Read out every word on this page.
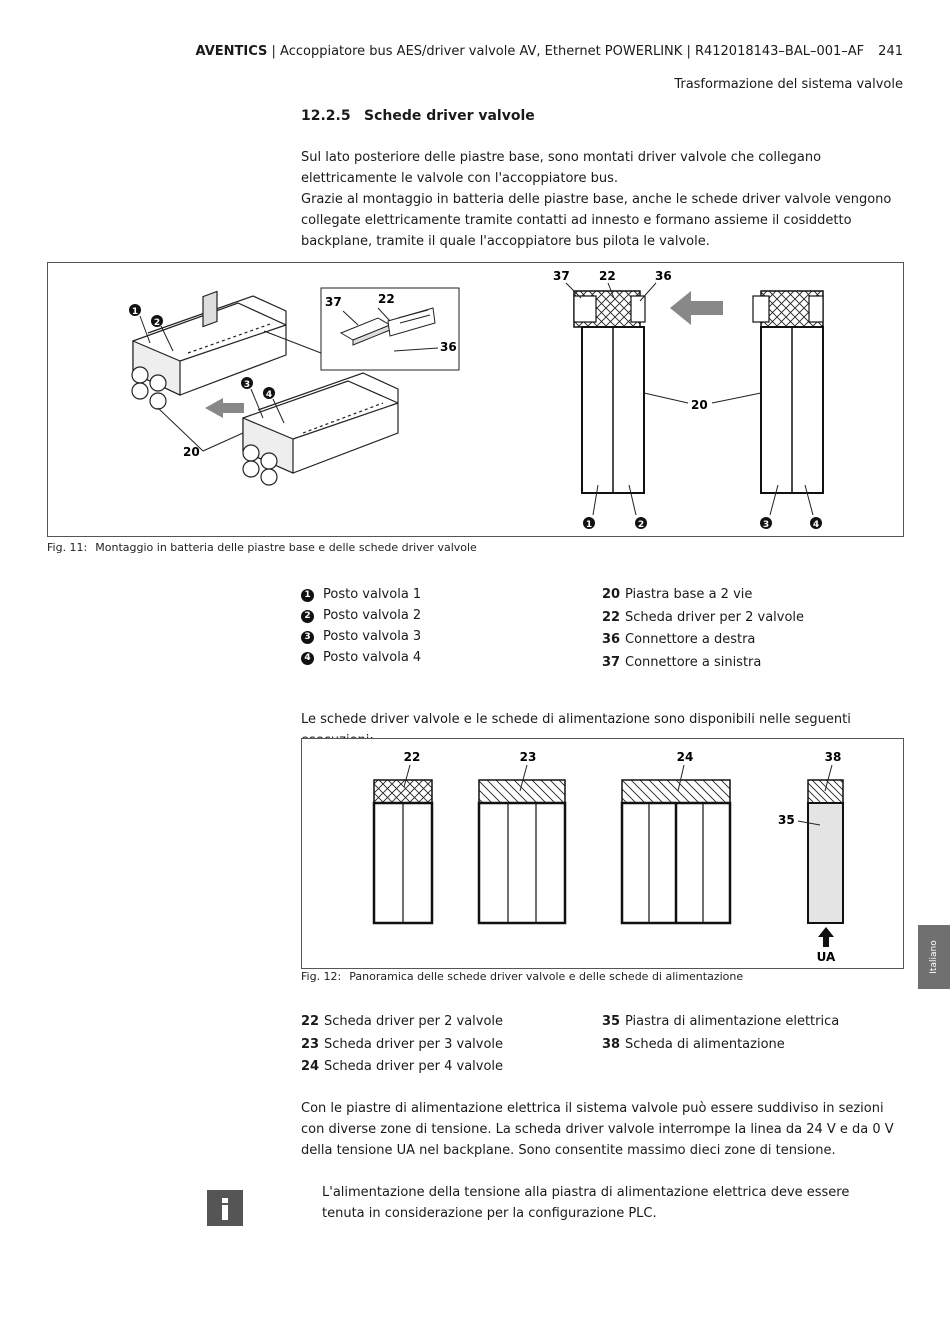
AVENTICS | Accoppiatore bus AES/driver valvole AV, Ethernet POWERLINK | R412018143–BAL–001–AF 241
Trasformazione del sistema valvole
12.2.5 Schede driver valvole

Sul lato posteriore delle piastre base, sono montati driver valvole che collegano elettricamente le valvole con l'accoppiatore bus.

Grazie al montaggio in batteria delle piastre base, anche le schede driver valvole vengono collegate elettricamente tramite contatti ad innesto e formano assieme il cosiddetto backplane, tramite il quale l'accoppiatore bus pilota le valvole.

37	22
36
1
2
3
4
20
37 22	36
20
1	2	3	4
Fig. 11: Montaggio in batteria delle piastre base e delle schede driver valvole
1 Posto valvola 1
2 Posto valvola 2
3 Posto valvola 3
4 Posto valvola 4
20 Piastra base a 2 vie
22 Scheda driver per 2 valvole
36 Connettore a destra
37 Connettore a sinistra
Le schede driver valvole e le schede di alimentazione sono disponibili nelle seguenti
22	23	24	38
35
UA
Fig. 12: Panoramica delle schede driver valvole e delle schede di alimentazione
22 Scheda driver per 2 valvole
23 Scheda driver per 3 valvole
24 Scheda driver per 4 valvole
35 Piastra di alimentazione elettrica
38 Scheda di alimentazione
Con le piastre di alimentazione elettrica il sistema valvole può essere suddiviso in sezioni con diverse zone di tensione. La scheda driver valvole interrompe la linea da 24 V e da 0 V della tensione UA nel backplane. Sono consentite massimo dieci zone di tensione.
L'alimentazione della tensione alla piastra di alimentazione elettrica deve essere tenuta in considerazione per la configurazione PLC.
Italiano
